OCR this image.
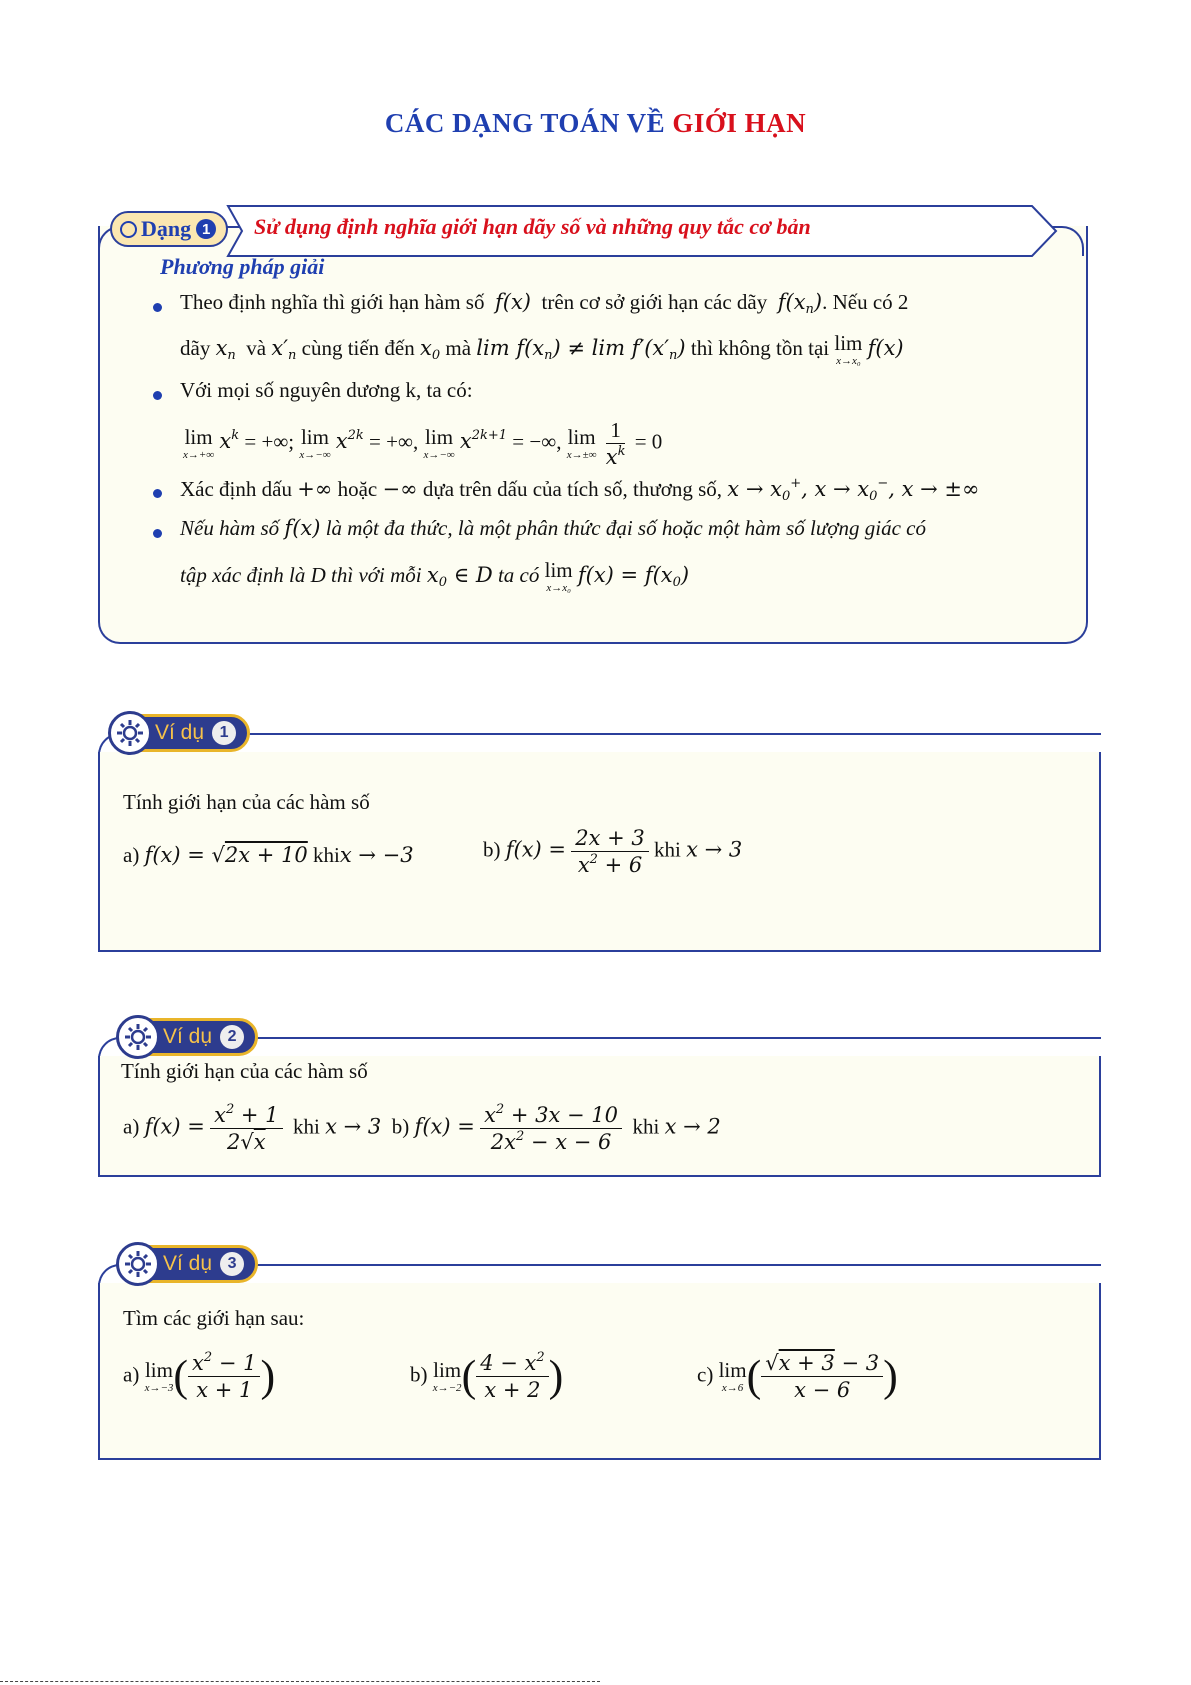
CÁC DẠNG TOÁN VỀ GIỚI HẠN
Sử dụng định nghĩa giới hạn dãy số và những quy tắc cơ bản
Dạng 1
Phương pháp giải
Theo định nghĩa thì giới hạn hàm số f(x) trên cơ sở giới hạn các dãy $f(x_n)$. Nếu có 2
dãy $x_n$ và $x'_n$ cùng tiến đến $x_0$ mà $\lim f(x_n) \ne \lim f'(x'_n)$ thì không tồn tại lim
x→x₀
f(x)
Với mọi số nguyên dương k, ta có:
lim
x→+∞
$x^k$ = +∞; lim
x→−∞
$x^{2k}$ = +∞, lim
x→−∞
$x^{2k+1}$ = −∞, lim
x→±∞
$\frac{1}{x^k} = 0$
Xác định dấu +∞ hoặc −∞ dựa trên dấu của tích số, thương số, $x \to x_0^+$, $x \to x_0^-$, x → ±∞
Nếu hàm số f(x) là một đa thức, là một phân thức đại số hoặc một hàm số lượng giác có
tập xác định là D thì với mỗi $x_0$ ∈ D ta có lim
x→x₀
$f(x) = f(x_0)$
Ví dụ 1
Tính giới hạn của các hàm số
a) f(x) = √2x + 10 khix → −3	b) $f(x) = \frac{2x + 3}{x^2 + 6}$ khi x → 3
Ví dụ 2
Tính giới hạn của các hàm số
a) $f(x) = \frac{x^2 + 1}{2√x}$ khi x → 3 b) $f(x) = \frac{x^2 + 3x - 10}{2x^2 - x - 6}$ khi x → 2
Ví dụ 3
Tìm các giới hạn sau:
a) lim
x→−3 ( $\frac{x^2 - 1}{x + 1}$ )	b) lim
x→−2 ( $\frac{4 - x^2}{x + 2}$ )	c) lim
x→6 ( $\frac{√x + 3 - 3}{x - 6}$ )
